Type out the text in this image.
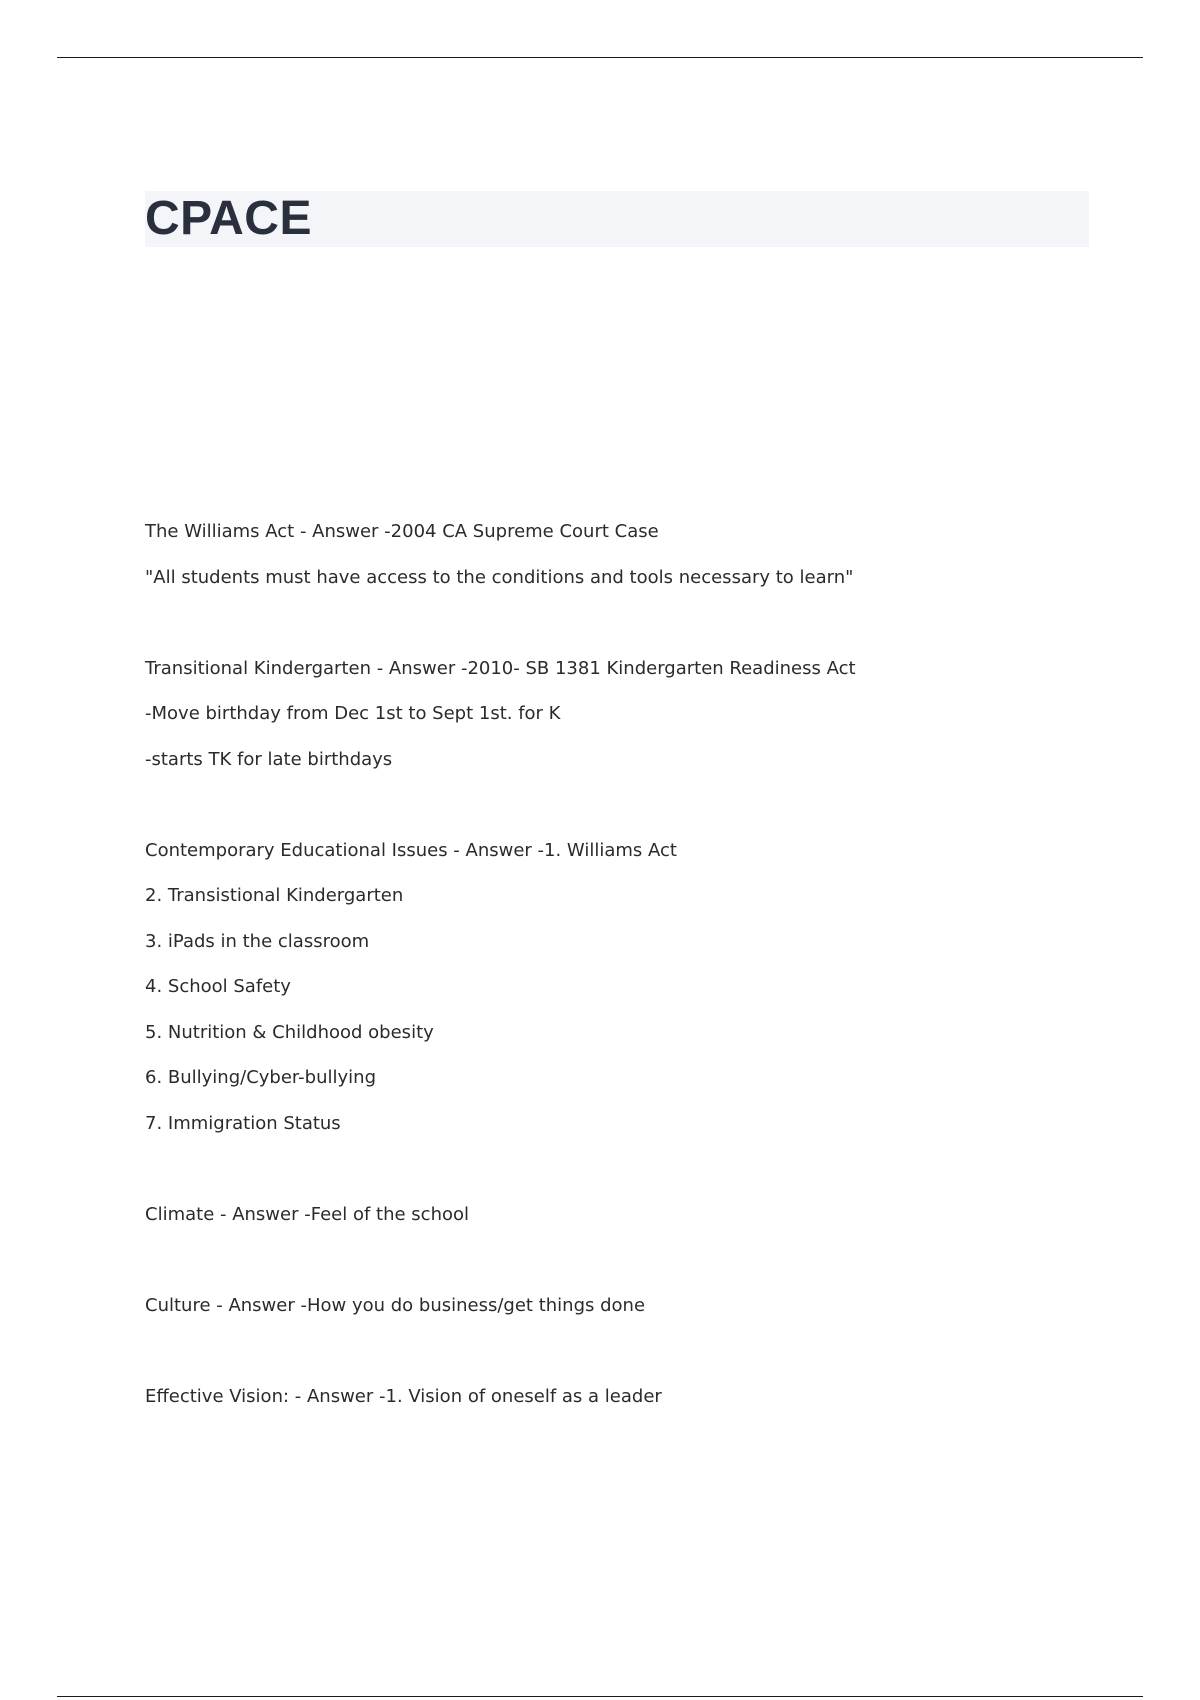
CPACE
The Williams Act - Answer -2004 CA Supreme Court Case
"All students must have access to the conditions and tools necessary to learn"
Transitional Kindergarten - Answer -2010- SB 1381 Kindergarten Readiness Act
-Move birthday from Dec 1st to Sept 1st. for K
-starts TK for late birthdays
Contemporary Educational Issues - Answer -1. Williams Act
2. Transistional Kindergarten
3. iPads in the classroom
4. School Safety
5. Nutrition & Childhood obesity
6. Bullying/Cyber-bullying
7. Immigration Status
Climate - Answer -Feel of the school
Culture - Answer -How you do business/get things done
Effective Vision: - Answer -1. Vision of oneself as a leader
